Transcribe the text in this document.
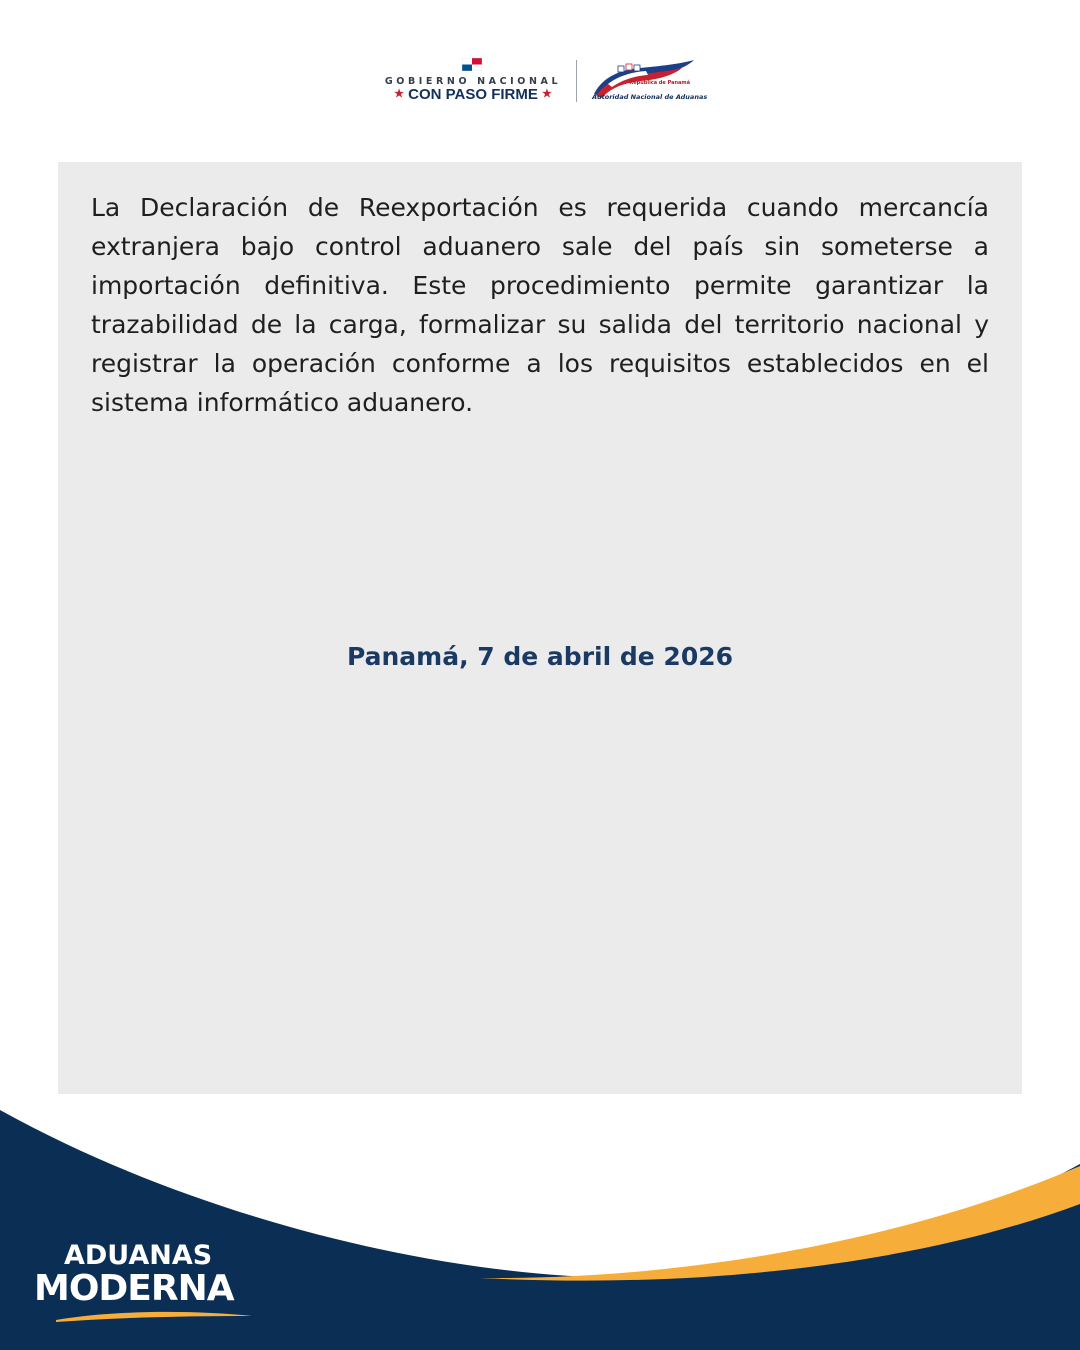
GOBIERNO NACIONAL
★ CON PASO FIRME ★
República de Panamá
Autoridad Nacional de Aduanas

La Declaración de Reexportación es requerida cuando mercancía extranjera bajo control aduanero sale del país sin someterse a importación definitiva. Este procedimiento permite garantizar la trazabilidad de la carga, formalizar su salida del territorio nacional y registrar la operación conforme a los requisitos establecidos en el sistema informático aduanero.

Panamá, 7 de abril de 2026
ADUANAS
MODERNA
